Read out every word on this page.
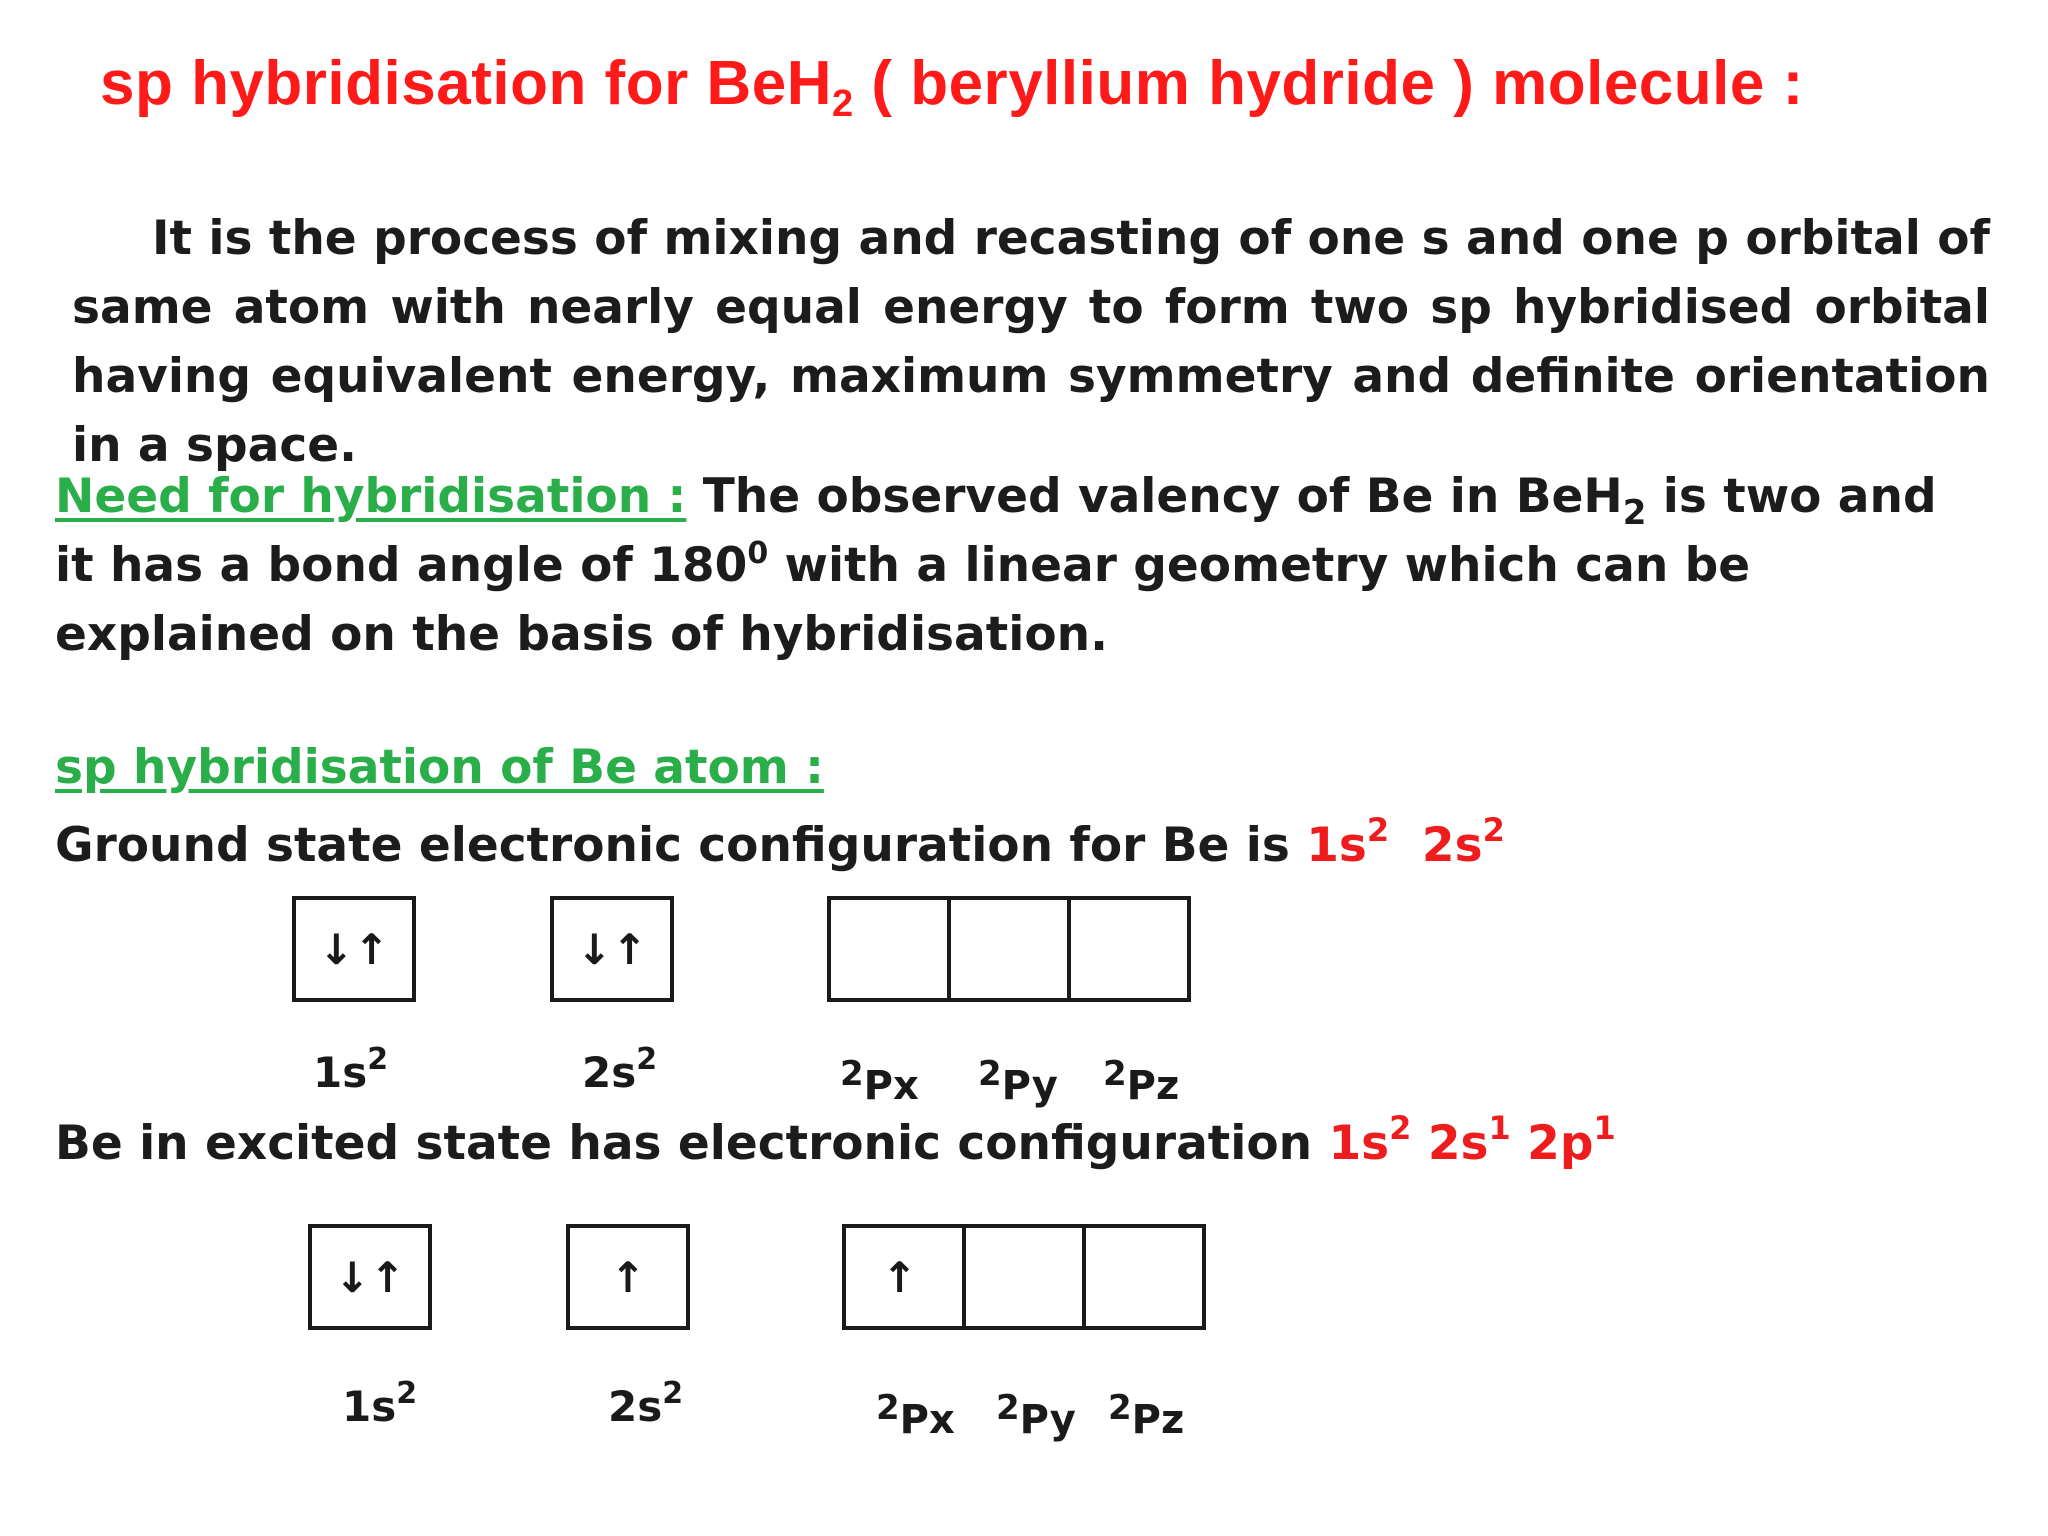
sp hybridisation for BeH$_2$ ( beryllium hydride ) molecule :
It is the process of mixing and recasting of one s and one p orbital of same atom with nearly equal energy to form two sp hybridised orbital having equivalent energy, maximum symmetry and definite orientation in a space.
Need for hybridisation : The observed valency of Be in BeH$_2$ is two and it has a bond angle of $180^0$ with a linear geometry which can be explained on the basis of hybridisation.
sp hybridisation of Be atom :
Ground state electronic configuration for Be is $1s^2$ $2s^2$
↓↑	↓↑
$1s^2$	$2s^2$	2Px 2Py 2Pz
Be in excited state has electronic configuration $1s^2$ $2s^1$ $2p^1$
↓↑	↑	↑
$1s^2$	$2s^2$	2Px 2Py 2Pz
